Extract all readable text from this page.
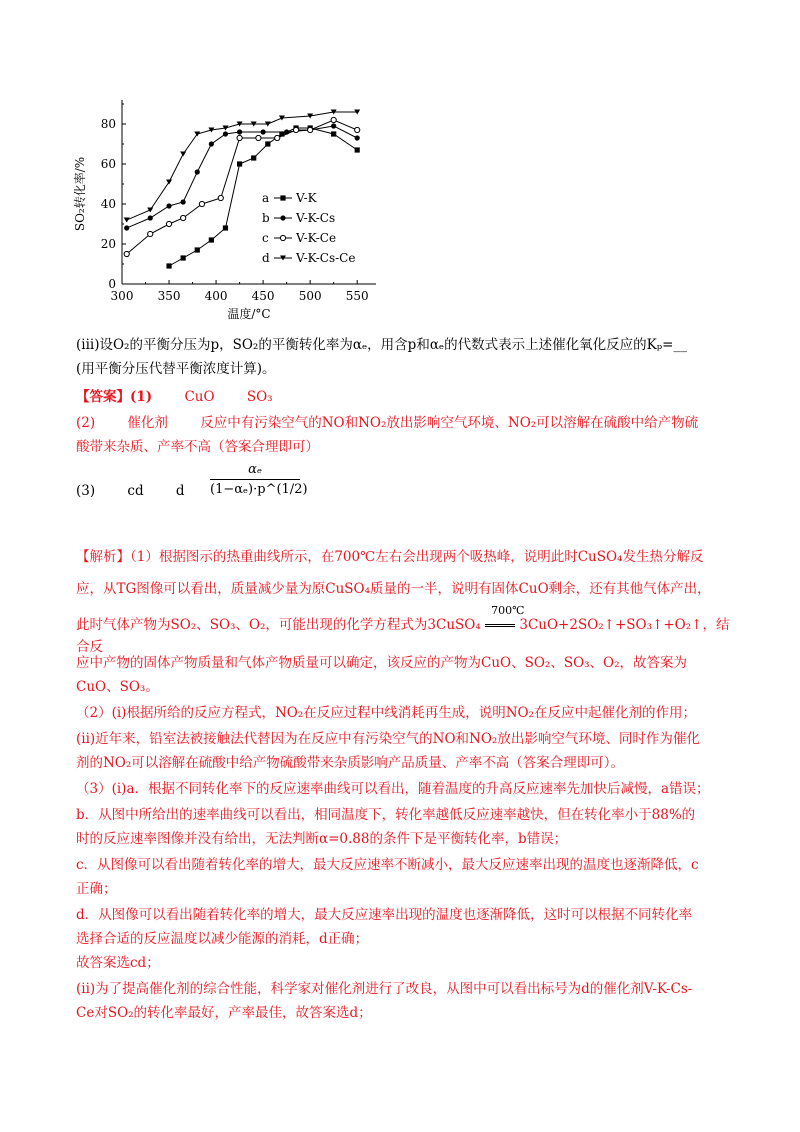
300 350 400 450 500 550
0
20
40
60
80
温度/°C
SO₂转化率/%	a V-K
b V-K-Cs
c V-K-Ce
d V-K-Cs-Ce
(iii)设O₂的平衡分压为p，SO₂的平衡转化率为αₑ，用含p和αₑ的代数式表示上述催化氧化反应的Kₚ=__
(用平衡分压代替平衡浓度计算)。
【答案】(1) CuO SO₃
(2) 催化剂 反应中有污染空气的NO和NO₂放出影响空气环境、NO₂可以溶解在硫酸中给产物硫
酸带来杂质、产率不高（答案合理即可）
(3) cd d
αₑ
(1−αₑ)·p^(1/2)
【解析】（1）根据图示的热重曲线所示，在700℃左右会出现两个吸热峰，说明此时CuSO₄发生热分解反
应，从TG图像可以看出，质量减少量为原CuSO₄质量的一半，说明有固体CuO剩余，还有其他气体产出，
此时气体产物为SO₂、SO₃、O₂，可能出现的化学方程式为3CuSO₄
700℃
3CuO+2SO₂↑+SO₃↑+O₂↑，结合反
应中产物的固体产物质量和气体产物质量可以确定，该反应的产物为CuO、SO₂、SO₃、O₂，故答案为
CuO、SO₃。
（2）(i)根据所给的反应方程式，NO₂在反应过程中线消耗再生成，说明NO₂在反应中起催化剂的作用；
(ii)近年来，铅室法被接触法代替因为在反应中有污染空气的NO和NO₂放出影响空气环境、同时作为催化
剂的NO₂可以溶解在硫酸中给产物硫酸带来杂质影响产品质量、产率不高（答案合理即可）。
（3）(i)a．根据不同转化率下的反应速率曲线可以看出，随着温度的升高反应速率先加快后减慢，a错误；
b．从图中所给出的速率曲线可以看出，相同温度下，转化率越低反应速率越快，但在转化率小于88%的
时的反应速率图像并没有给出，无法判断α=0.88的条件下是平衡转化率，b错误；
c．从图像可以看出随着转化率的增大，最大反应速率不断减小，最大反应速率出现的温度也逐渐降低，c
正确；
d．从图像可以看出随着转化率的增大，最大反应速率出现的温度也逐渐降低，这时可以根据不同转化率
选择合适的反应温度以减少能源的消耗，d正确；
故答案选cd；
(ii)为了提高催化剂的综合性能，科学家对催化剂进行了改良，从图中可以看出标号为d的催化剂V-K-Cs-
Ce对SO₂的转化率最好，产率最佳，故答案选d；
